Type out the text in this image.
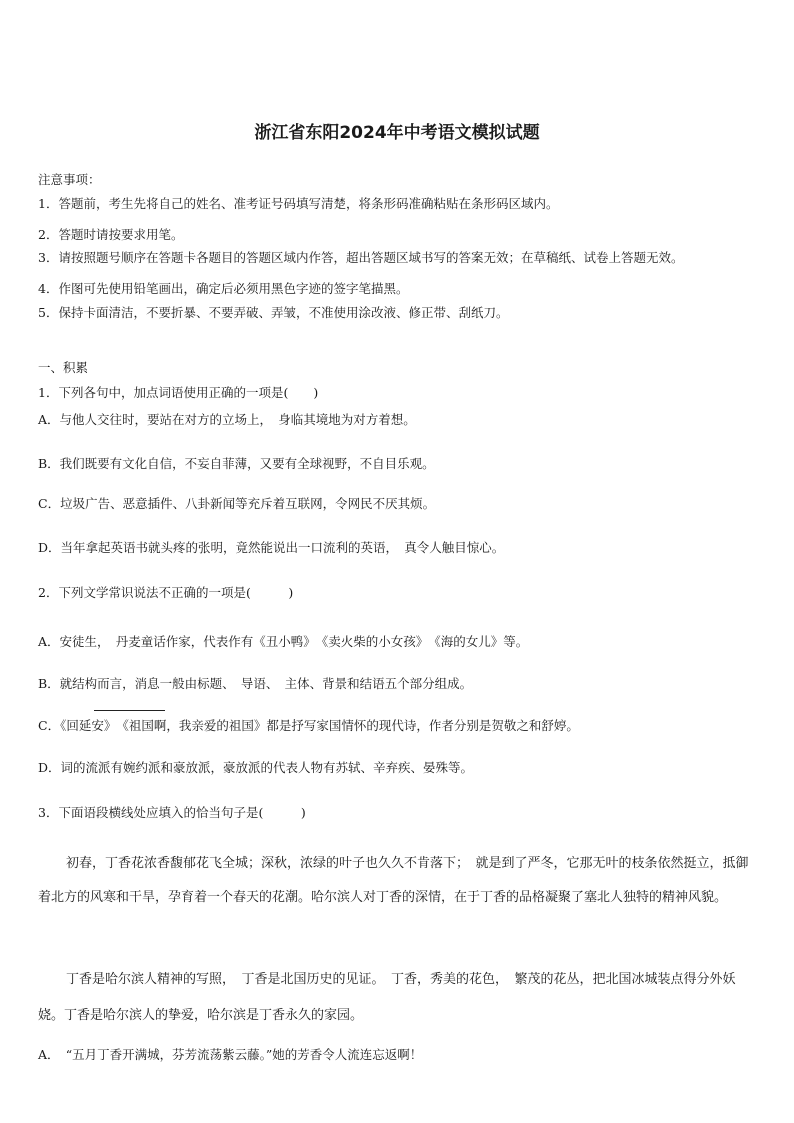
浙江省东阳2024年中考语文模拟试题
注意事项：
1．答题前，考生先将自己的姓名、准考证号码填写清楚，将条形码准确粘贴在条形码区域内。
2．答题时请按要求用笔。
3．请按照题号顺序在答题卡各题目的答题区域内作答，超出答题区域书写的答案无效；在草稿纸、试卷上答题无效。
4．作图可先使用铅笔画出，确定后必须用黑色字迹的签字笔描黑。
5．保持卡面清洁，不要折暴、不要弄破、弄皱，不准使用涂改液、修正带、刮纸刀。
一、积累
1．下列各句中，加点词语使用正确的一项是(　　)
A．与他人交往时，要站在对方的立场上，　身临其境地为对方着想。
B．我们既要有文化自信，不妄自菲薄，又要有全球视野，不自目乐观。
C．垃圾广告、恶意插件、八卦新闻等充斥着互联网，令网民不厌其烦。
D．当年拿起英语书就头疼的张明，竟然能说出一口流利的英语，　真令人触目惊心。
2．下列文学常识说法不正确的一项是(　　　)
A．安徒生，　丹麦童话作家，代表作有《丑小鸭》　《卖火柴的小女孩》　《海的女儿》等。
B．就结构而言，消息一般由标题、　导语、　主体、背景和结语五个部分组成。
C．《回延安》　《祖国啊，我亲爱的祖国》都是抒写家国情怀的现代诗，作者分别是贺敬之和舒婷。
D．词的流派有婉约派和豪放派，豪放派的代表人物有苏轼、辛弃疾、晏殊等。
3．下面语段横线处应填入的恰当句子是(　　　)
初春，丁香花浓香馥郁花飞全城；深秋，浓绿的叶子也久久不肯落下；　就是到了严冬，它那无叶的枝条依然挺立，抵御着北方的风寒和干旱，孕育着一个春天的花潮。哈尔滨人对丁香的深情，在于丁香的品格凝聚了塞北人独特的精神风貌。
丁香是哈尔滨人精神的写照，　丁香是北国历史的见证。　丁香，秀美的花色，　繁茂的花丛，把北国冰城装点得分外妖娆。丁香是哈尔滨人的挚爱，哈尔滨是丁香永久的家园。
A．　“五月丁香开满城，芬芳流荡紫云藤。”她的芳香令人流连忘返啊！
